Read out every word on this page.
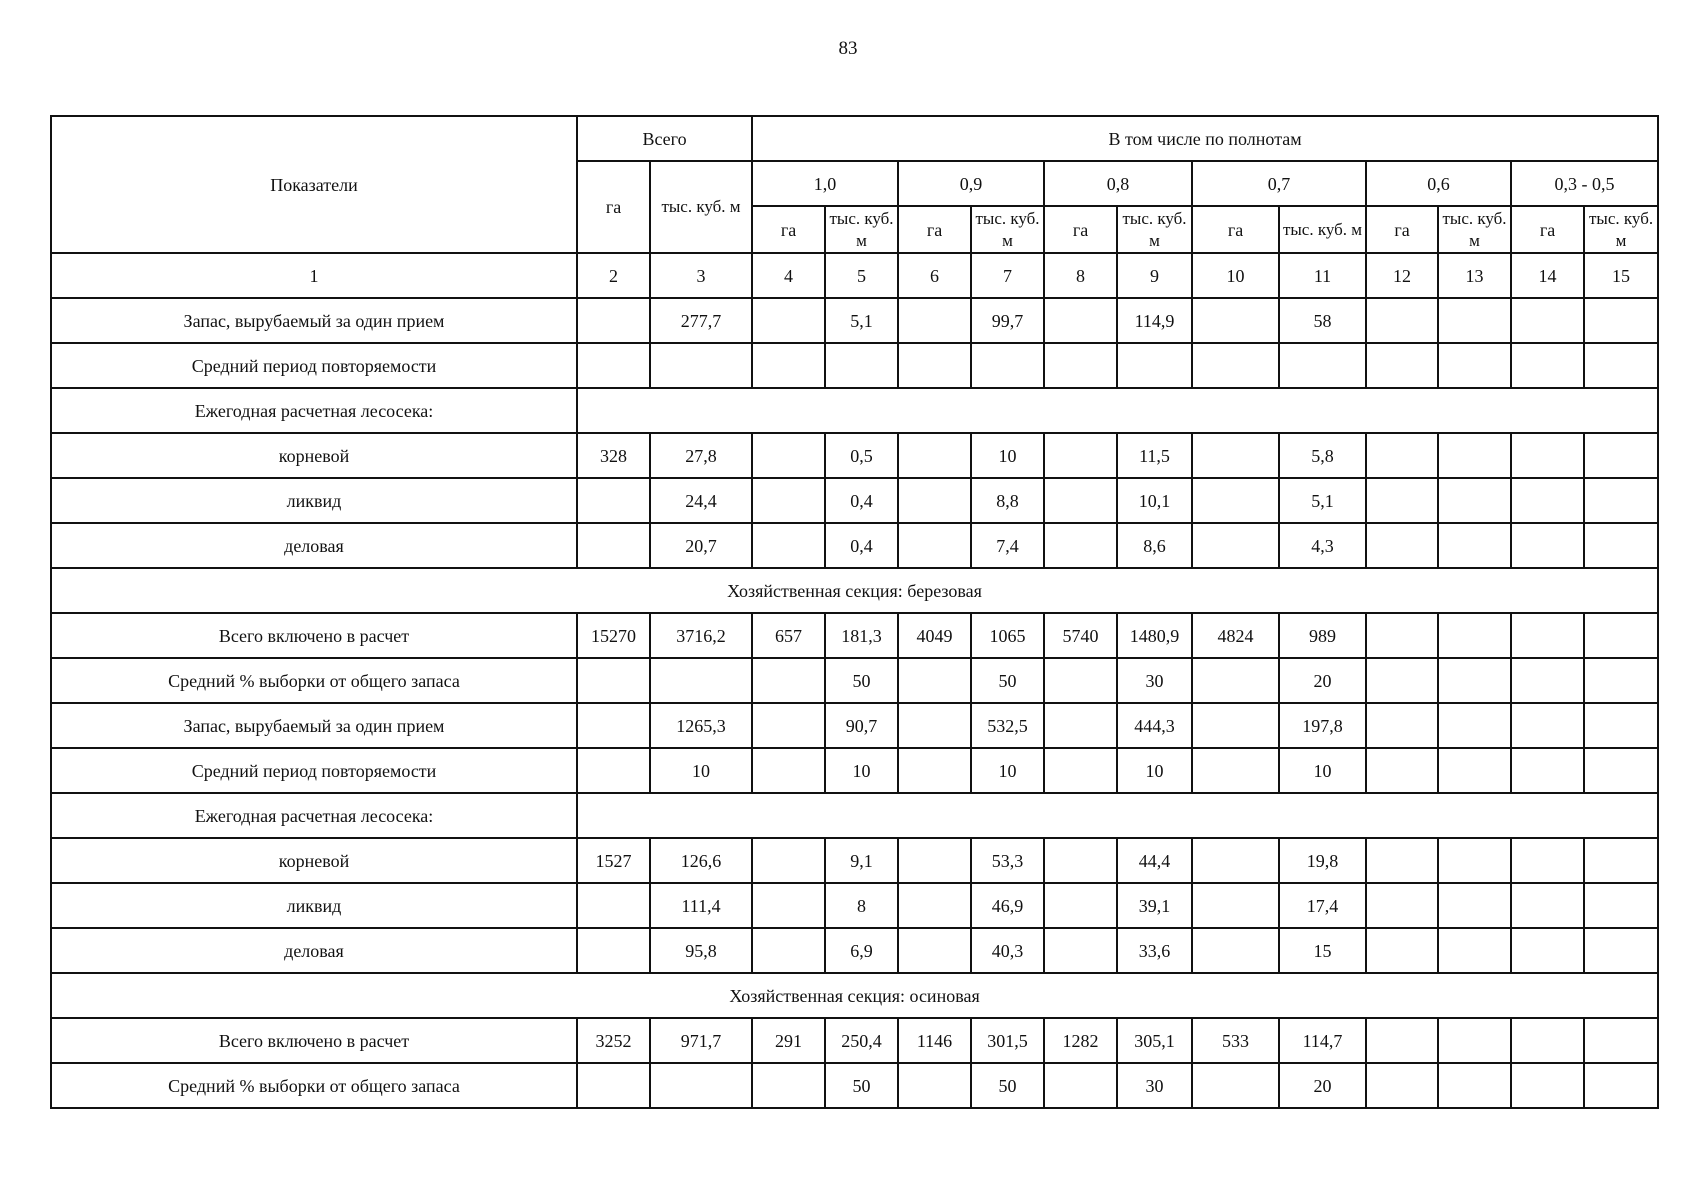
83
Показатели	Всего		В том числе по полнотам											
	га	тыс. куб. м	1,0		0,9		0,8		0,7		0,6		0,3 - 0,5	
			га	тыс. куб. м	га	тыс. куб. м	га	тыс. куб. м	га	тыс. куб. м	га	тыс. куб. м	га	тыс. куб. м
1	2	3	4	5	6	7	8	9	10	11	12	13	14	15
Запас, вырубаемый за один прием		277,7		5,1		99,7		114,9		58				
Средний период повторяемости														
Ежегодная расчетная лесосека:														
корневой	328	27,8		0,5		10		11,5		5,8				
ликвид		24,4		0,4		8,8		10,1		5,1				
деловая		20,7		0,4		7,4		8,6		4,3				
Хозяйственная секция: березовая														
Всего включено в расчет	15270	3716,2	657	181,3	4049	1065	5740	1480,9	4824	989				
Средний % выборки от общего запаса				50		50		30		20				
Запас, вырубаемый за один прием		1265,3		90,7		532,5		444,3		197,8				
Средний период повторяемости		10		10		10		10		10				
Ежегодная расчетная лесосека:														
корневой	1527	126,6		9,1		53,3		44,4		19,8				
ликвид		111,4		8		46,9		39,1		17,4				
деловая		95,8		6,9		40,3		33,6		15				
Хозяйственная секция: осиновая														
Всего включено в расчет	3252	971,7	291	250,4	1146	301,5	1282	305,1	533	114,7				
Средний % выборки от общего запаса				50		50		30		20				
